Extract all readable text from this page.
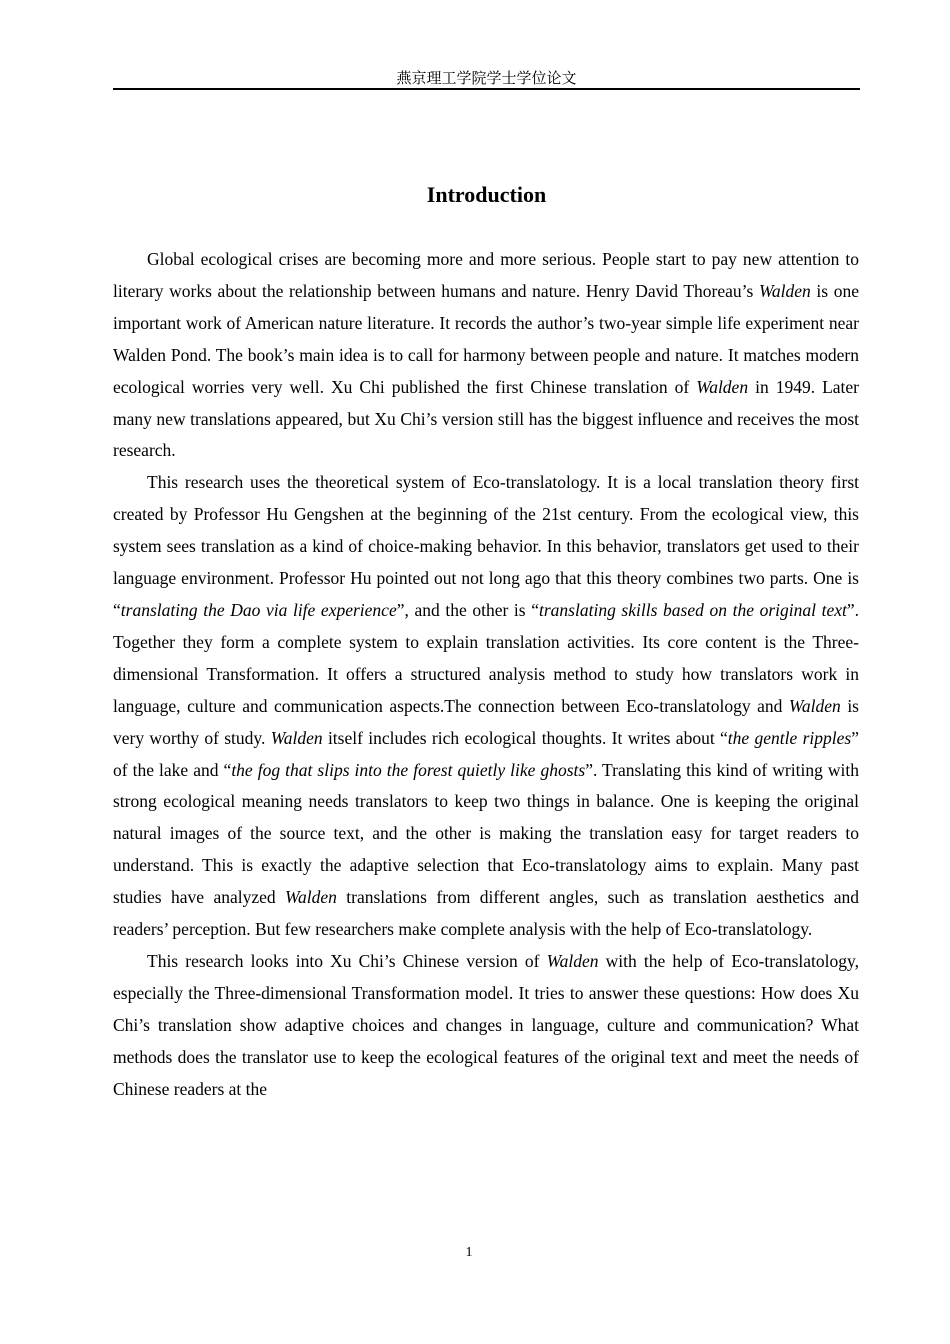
燕京理工学院学士学位论文
Introduction

Global ecological crises are becoming more and more serious. People start to pay new attention to literary works about the relationship between humans and nature. Henry David Thoreau’s Walden is one important work of American nature literature. It records the author’s two-year simple life experiment near Walden Pond. The book’s main idea is to call for harmony between people and nature. It matches modern ecological worries very well. Xu Chi published the first Chinese translation of Walden in 1949. Later many new translations appeared, but Xu Chi’s version still has the biggest influence and receives the most research.

This research uses the theoretical system of Eco-translatology. It is a local translation theory first created by Professor Hu Gengshen at the beginning of the 21st century. From the ecological view, this system sees translation as a kind of choice-making behavior. In this behavior, translators get used to their language environment. Professor Hu pointed out not long ago that this theory combines two parts. One is “translating the Dao via life experience”, and the other is “translating skills based on the original text”. Together they form a complete system to explain translation activities. Its core content is the Three-dimensional Transformation. It offers a structured analysis method to study how translators work in language, culture and communication aspects.The connection between Eco-translatology and Walden is very worthy of study. Walden itself includes rich ecological thoughts. It writes about “the gentle ripples” of the lake and “the fog that slips into the forest quietly like ghosts”. Translating this kind of writing with strong ecological meaning needs translators to keep two things in balance. One is keeping the original natural images of the source text, and the other is making the translation easy for target readers to understand. This is exactly the adaptive selection that Eco-translatology aims to explain. Many past studies have analyzed Walden translations from different angles, such as translation aesthetics and readers’ perception. But few researchers make complete analysis with the help of Eco-translatology.

This research looks into Xu Chi’s Chinese version of Walden with the help of Eco-translatology, especially the Three-dimensional Transformation model. It tries to answer these questions: How does Xu Chi’s translation show adaptive choices and changes in language, culture and communication? What methods does the translator use to keep the ecological features of the original text and meet the needs of Chinese readers at the

1
